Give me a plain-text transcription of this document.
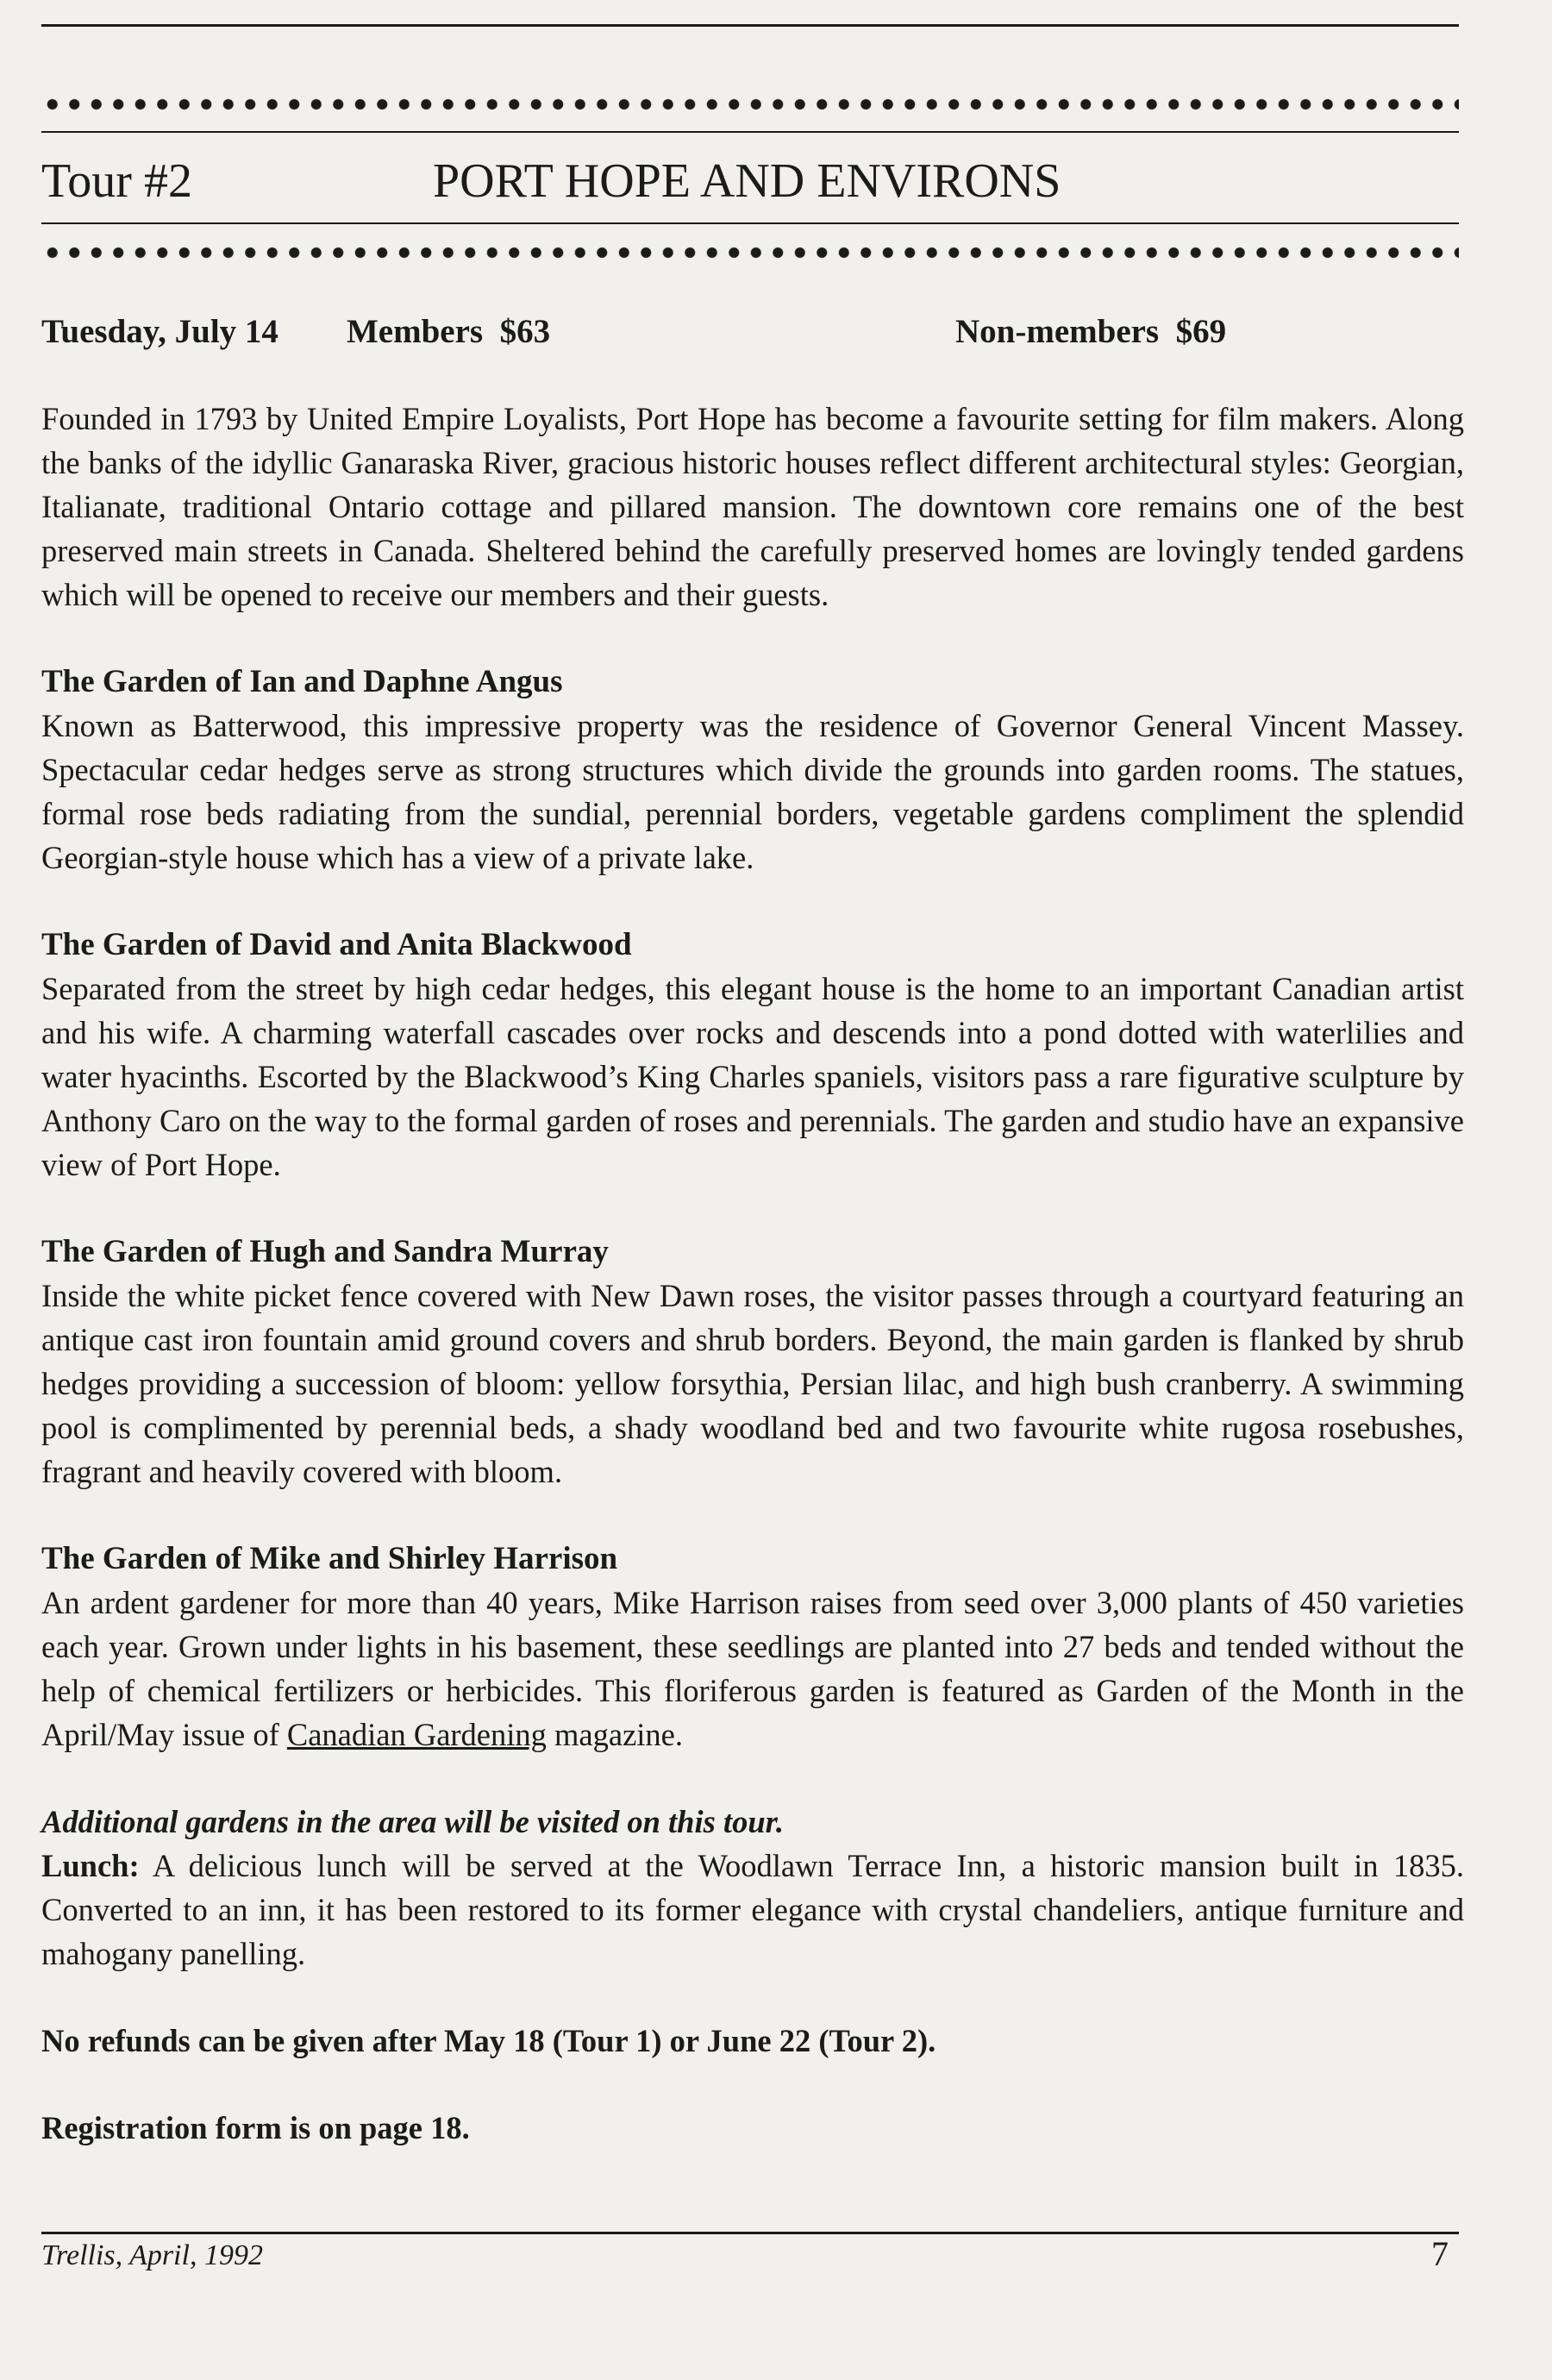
Tour #2	PORT HOPE AND ENVIRONS
Tuesday, July 14 Members  $63	Non-members  $69

Founded in 1793 by United Empire Loyalists, Port Hope has become a favourite setting for film makers. Along the banks of the idyllic Ganaraska River, gracious historic houses reflect different architectural styles: Georgian, Italianate, traditional Ontario cottage and pillared mansion. The downtown core remains one of the best preserved main streets in Canada. Sheltered behind the carefully preserved homes are lovingly tended gardens which will be opened to receive our members and their guests.

The Garden of Ian and Daphne Angus

Known as Batterwood, this impressive property was the residence of Governor General Vincent Massey. Spectacular cedar hedges serve as strong structures which divide the grounds into garden rooms. The statues, formal rose beds radiating from the sundial, perennial borders, vegetable gardens compliment the splendid Georgian-style house which has a view of a private lake.

The Garden of David and Anita Blackwood

Separated from the street by high cedar hedges, this elegant house is the home to an important Canadian artist and his wife. A charming waterfall cascades over rocks and descends into a pond dotted with waterlilies and water hyacinths. Escorted by the Blackwood’s King Charles spaniels, visitors pass a rare figurative sculpture by Anthony Caro on the way to the formal garden of roses and perennials. The garden and studio have an expansive view of Port Hope.

The Garden of Hugh and Sandra Murray

Inside the white picket fence covered with New Dawn roses, the visitor passes through a courtyard featuring an antique cast iron fountain amid ground covers and shrub borders. Beyond, the main garden is flanked by shrub hedges providing a succession of bloom: yellow forsythia, Persian lilac, and high bush cranberry. A swimming pool is complimented by perennial beds, a shady woodland bed and two favourite white rugosa rosebushes, fragrant and heavily covered with bloom.

The Garden of Mike and Shirley Harrison

An ardent gardener for more than 40 years, Mike Harrison raises from seed over 3,000 plants of 450 varieties each year. Grown under lights in his basement, these seedlings are planted into 27 beds and tended without the help of chemical fertilizers or herbicides. This floriferous garden is featured as Garden of the Month in the April/May issue of Canadian Gardening magazine.

Additional gardens in the area will be visited on this tour.

Lunch: A delicious lunch will be served at the Woodlawn Terrace Inn, a historic mansion built in 1835. Converted to an inn, it has been restored to its former elegance with crystal chandeliers, antique furniture and mahogany panelling.

No refunds can be given after May 18 (Tour 1) or June 22 (Tour 2).

Registration form is on page 18.

Trellis, April, 1992	7
